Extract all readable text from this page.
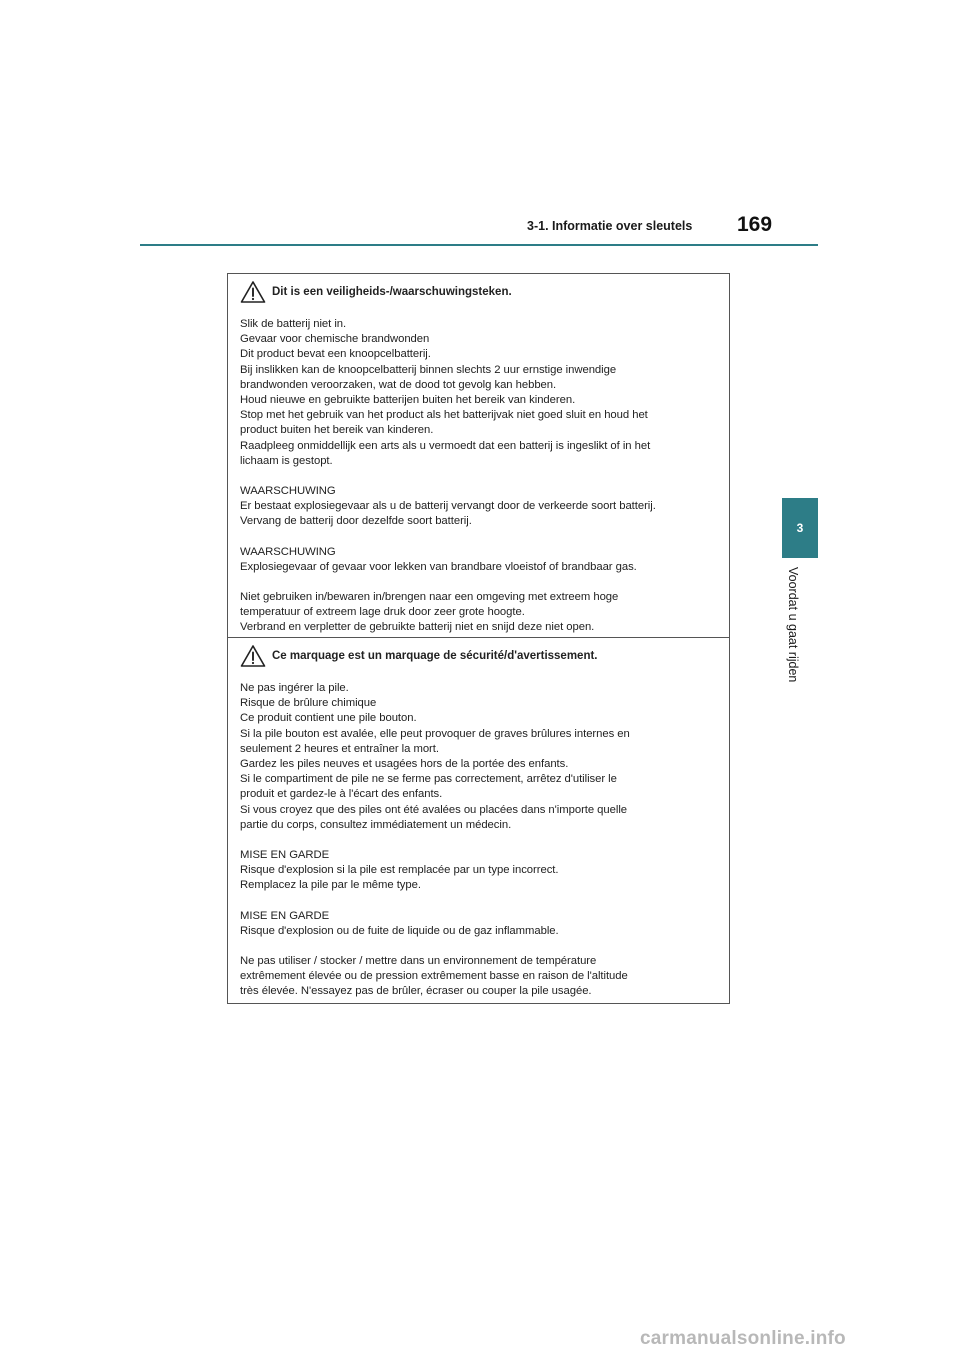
3-1. Informatie over sleutels 169
3
Voordat u gaat rijden
Dit is een veiligheids-/waarschuwingsteken.
Slik de batterij niet in.
Gevaar voor chemische brandwonden
Dit product bevat een knoopcelbatterij.
Bij inslikken kan de knoopcelbatterij binnen slechts 2 uur ernstige inwendige
brandwonden veroorzaken, wat de dood tot gevolg kan hebben.
Houd nieuwe en gebruikte batterijen buiten het bereik van kinderen.
Stop met het gebruik van het product als het batterijvak niet goed sluit en houd het
product buiten het bereik van kinderen.
Raadpleeg onmiddellijk een arts als u vermoedt dat een batterij is ingeslikt of in het
lichaam is gestopt.
WAARSCHUWING
Er bestaat explosiegevaar als u de batterij vervangt door de verkeerde soort batterij.
Vervang de batterij door dezelfde soort batterij.
WAARSCHUWING
Explosiegevaar of gevaar voor lekken van brandbare vloeistof of brandbaar gas.
Niet gebruiken in/bewaren in/brengen naar een omgeving met extreem hoge
temperatuur of extreem lage druk door zeer grote hoogte.
Verbrand en verpletter de gebruikte batterij niet en snijd deze niet open.
Ce marquage est un marquage de sécurité/d'avertissement.
Ne pas ingérer la pile.
Risque de brûlure chimique
Ce produit contient une pile bouton.
Si la pile bouton est avalée, elle peut provoquer de graves brûlures internes en
seulement 2 heures et entraîner la mort.
Gardez les piles neuves et usagées hors de la portée des enfants.
Si le compartiment de pile ne se ferme pas correctement, arrêtez d'utiliser le
produit et gardez-le à l'écart des enfants.
Si vous croyez que des piles ont été avalées ou placées dans n'importe quelle
partie du corps, consultez immédiatement un médecin.
MISE EN GARDE
Risque d'explosion si la pile est remplacée par un type incorrect.
Remplacez la pile par le même type.
MISE EN GARDE
Risque d'explosion ou de fuite de liquide ou de gaz inflammable.
Ne pas utiliser / stocker / mettre dans un environnement de température
extrêmement élevée ou de pression extrêmement basse en raison de l'altitude
très élevée. N'essayez pas de brûler, écraser ou couper la pile usagée.
carmanualsonline.info
